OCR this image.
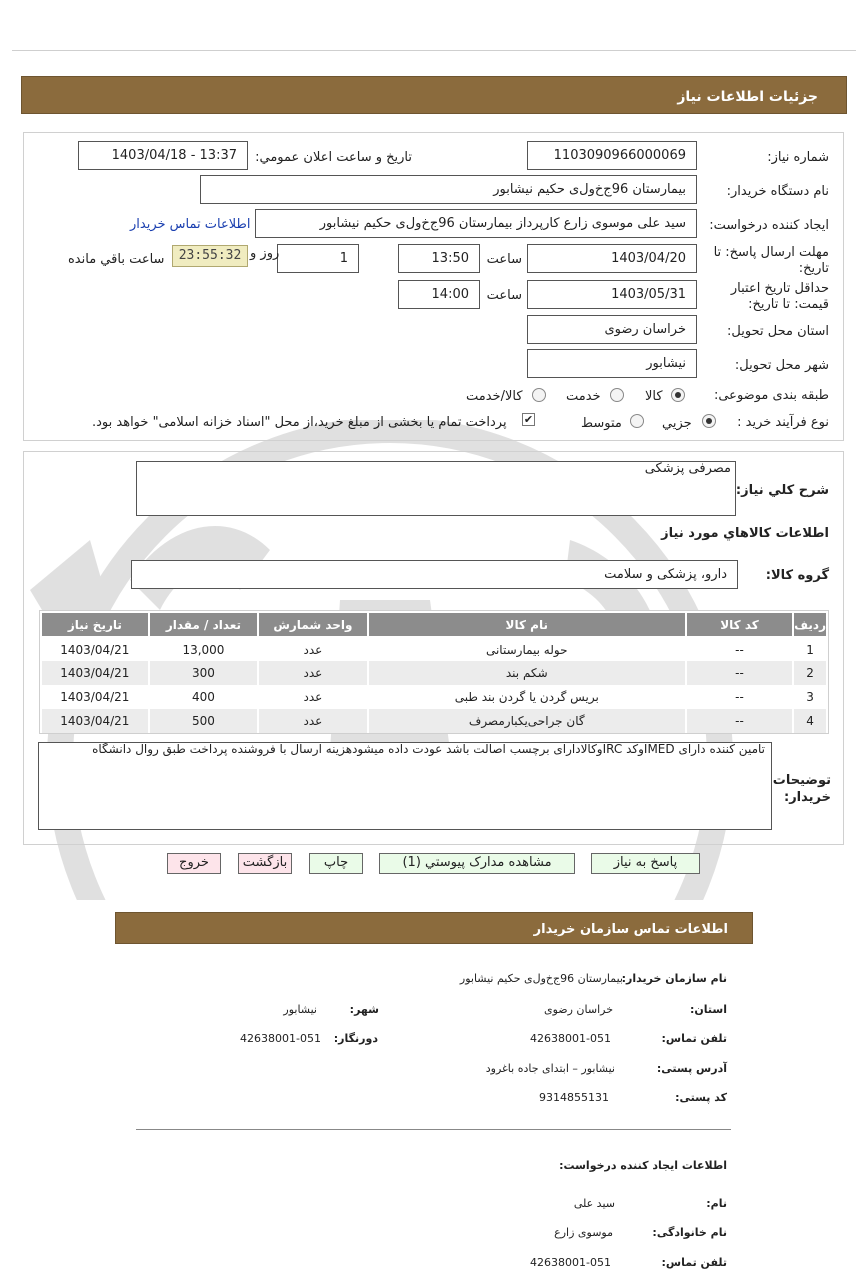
جزئیات اطلاعات نیاز
شماره نیاز:
1103090966000069
تاریخ و ساعت اعلان عمومي:
1403/04/18 - 13:37
نام دستگاه خریدار:
بیمارستان 96ج‌خ‌ول‌ی حکیم نیشابور
ایجاد کننده درخواست:
سید علی موسوی زارع کارپرداز بیمارستان 96ج‌خ‌ول‌ی حکیم نیشابور
اطلاعات تماس خریدار
مهلت ارسال پاسخ: تا
تاریخ:
1403/04/20
ساعت
13:50
1
روز و
23:55:32
ساعت باقي مانده
حداقل تاریخ اعتبار
قیمت: تا تاریخ:
1403/05/31
ساعت
14:00
استان محل تحویل:
خراسان رضوی
شهر محل تحویل:
نیشابور
طبقه بندی موضوعی:
کالا
خدمت
کالا/خدمت
نوع فرآیند خرید :
جزیي
متوسط
✔
پرداخت تمام یا بخشی از مبلغ خرید،از محل "اسناد خزانه اسلامی" خواهد بود.
شرح كلي نياز:
مصرفی پزشکی
اطلاعات كالاهاي مورد نياز
گروه کالا:
دارو، پزشکی و سلامت
رديف	کد کالا	نام کالا	واحد شمارش	تعداد / مقدار	تاریخ نیاز
1	--	حوله بیمارستانی	عدد	13,000	1403/04/21
2	--	شکم بند	عدد	300	1403/04/21
3	--	بریس گردن یا گردن بند طبی	عدد	400	1403/04/21
4	--	گان جراحی‌یکبارمصرف	عدد	500	1403/04/21
توضیحات
خریدار:
تامین کننده دارای IMEDوکد IRCوکالادارای برچسب اصالت باشد عودت داده میشودهزینه ارسال با فروشنده پرداخت طبق روال دانشگاه
پاسخ به نیاز
مشاهده مدارک پیوستي (1)
چاپ
بازگشت
خروج
اطلاعات تماس سازمان خریدار
نام سازمان خریدار:
بیمارستان 96ج‌خ‌ول‌ی حکیم نیشابور
استان:
خراسان رضوی
شهر:
نیشابور
تلفن تماس:
42638001-051
دورنگار:
42638001-051
آدرس پستی:
نیشابور – ابتدای جاده باغرود
کد پستی:
9314855131
اطلاعات ایجاد کننده درخواست:
نام:
سید علی
نام خانوادگی:
موسوی زارع
تلفن تماس:
42638001-051
